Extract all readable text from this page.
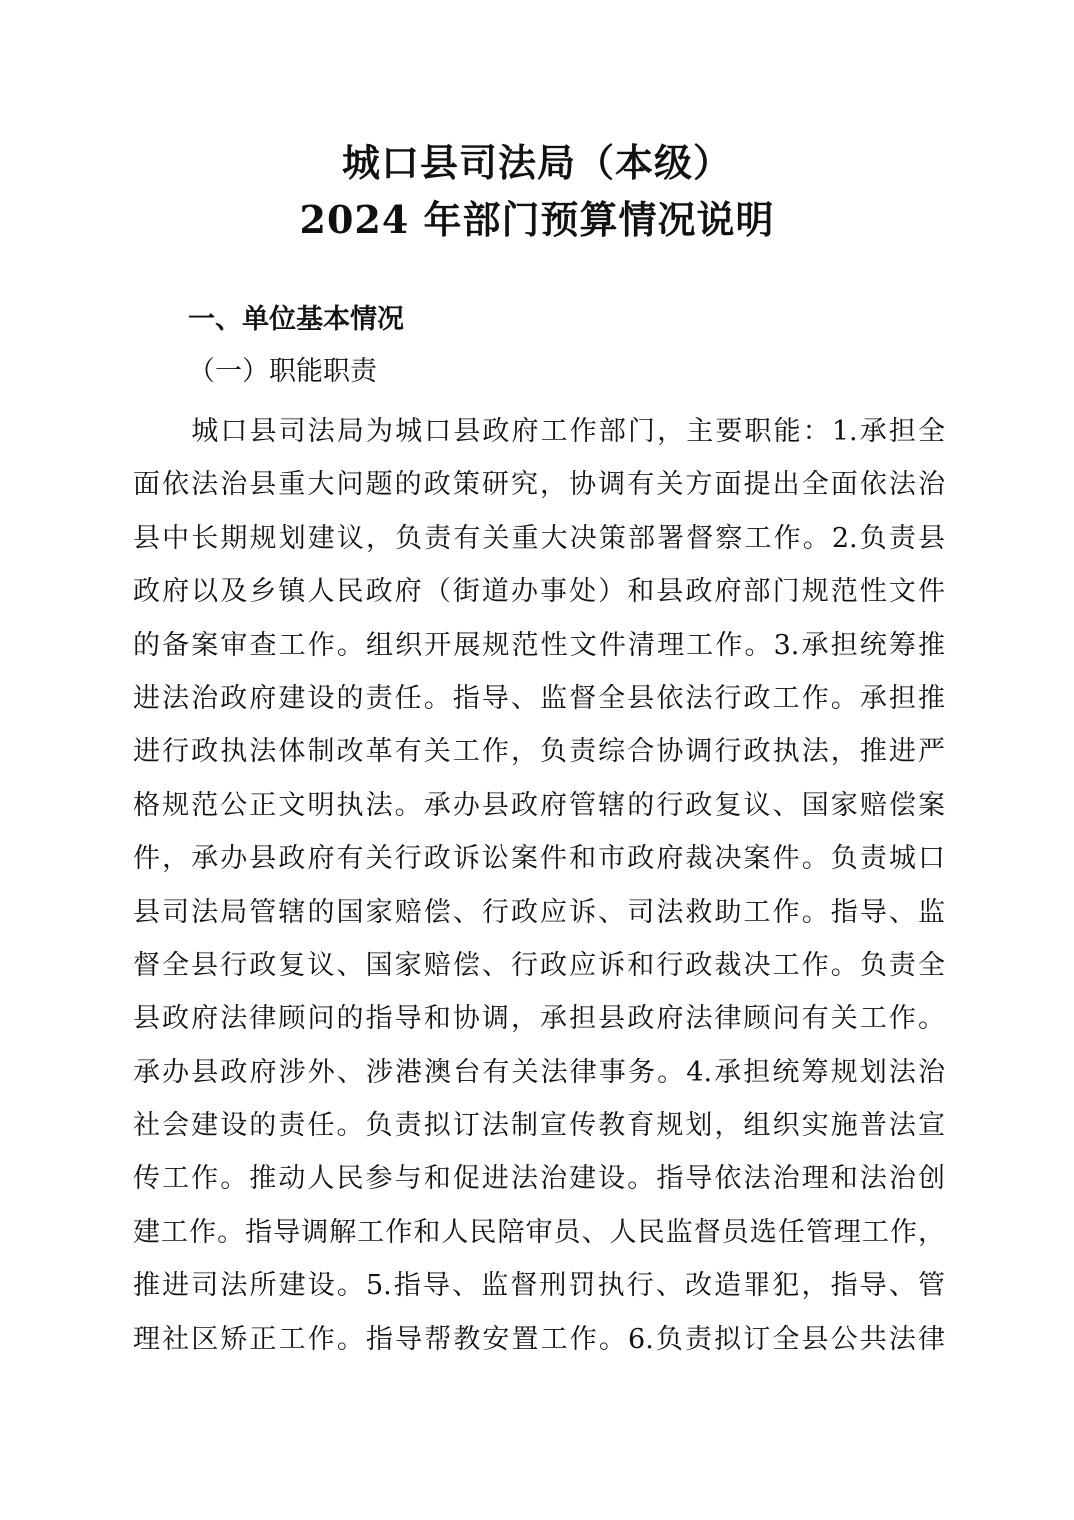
城口县司法局（本级）
2024 年部门预算情况说明
一、单位基本情况
（一）职能职责
　　城口县司法局为城口县政府工作部门，主要职能：1.承担全
面依法治县重大问题的政策研究，协调有关方面提出全面依法治
县中长期规划建议，负责有关重大决策部署督察工作。2.负责县
政府以及乡镇人民政府（街道办事处）和县政府部门规范性文件
的备案审查工作。组织开展规范性文件清理工作。3.承担统筹推
进法治政府建设的责任。指导、监督全县依法行政工作。承担推
进行政执法体制改革有关工作，负责综合协调行政执法，推进严
格规范公正文明执法。承办县政府管辖的行政复议、国家赔偿案
件，承办县政府有关行政诉讼案件和市政府裁决案件。负责城口
县司法局管辖的国家赔偿、行政应诉、司法救助工作。指导、监
督全县行政复议、国家赔偿、行政应诉和行政裁决工作。负责全
县政府法律顾问的指导和协调，承担县政府法律顾问有关工作。
承办县政府涉外、涉港澳台有关法律事务。4.承担统筹规划法治
社会建设的责任。负责拟订法制宣传教育规划，组织实施普法宣
传工作。推动人民参与和促进法治建设。指导依法治理和法治创
建工作。指导调解工作和人民陪审员、人民监督员选任管理工作，
推进司法所建设。5.指导、监督刑罚执行、改造罪犯，指导、管
理社区矫正工作。指导帮教安置工作。6.负责拟订全县公共法律
